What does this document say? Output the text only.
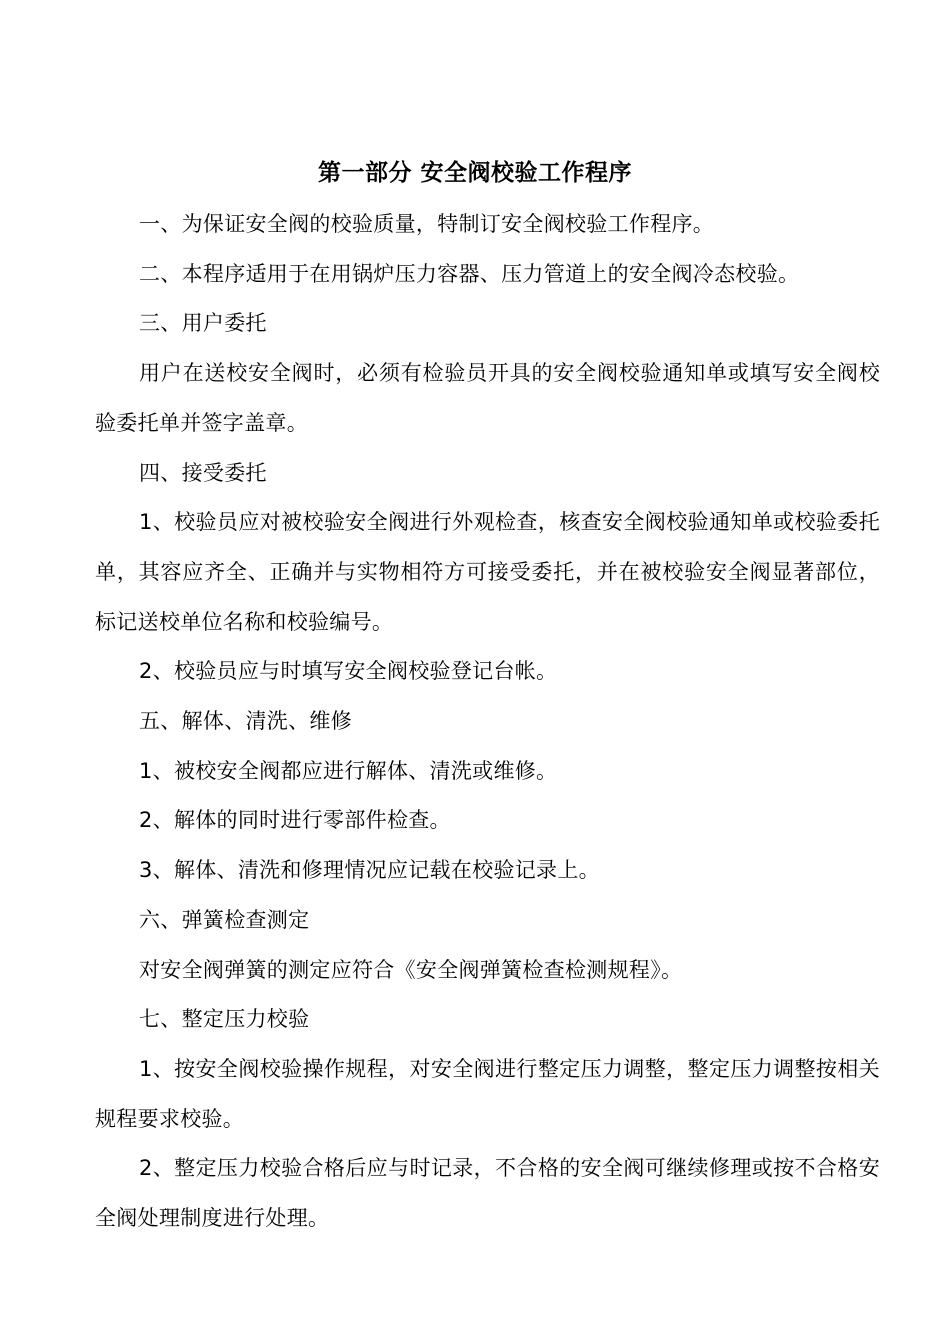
第一部分 安全阀校验工作程序

一、为保证安全阀的校验质量，特制订安全阀校验工作程序。

二、本程序适用于在用锅炉压力容器、压力管道上的安全阀冷态校验。

三、用户委托

用户在送校安全阀时，必须有检验员开具的安全阀校验通知单或填写安全阀校验委托单并签字盖章。

四、接受委托

1、校验员应对被校验安全阀进行外观检查，核查安全阀校验通知单或校验委托单，其容应齐全、正确并与实物相符方可接受委托，并在被校验安全阀显著部位，标记送校单位名称和校验编号。

2、校验员应与时填写安全阀校验登记台帐。

五、解体、清洗、维修

1、被校安全阀都应进行解体、清洗或维修。

2、解体的同时进行零部件检查。

3、解体、清洗和修理情况应记载在校验记录上。

六、弹簧检查测定

对安全阀弹簧的测定应符合《安全阀弹簧检查检测规程》。

七、整定压力校验

1、按安全阀校验操作规程，对安全阀进行整定压力调整，整定压力调整按相关规程要求校验。

2、整定压力校验合格后应与时记录，不合格的安全阀可继续修理或按不合格安全阀处理制度进行处理。
